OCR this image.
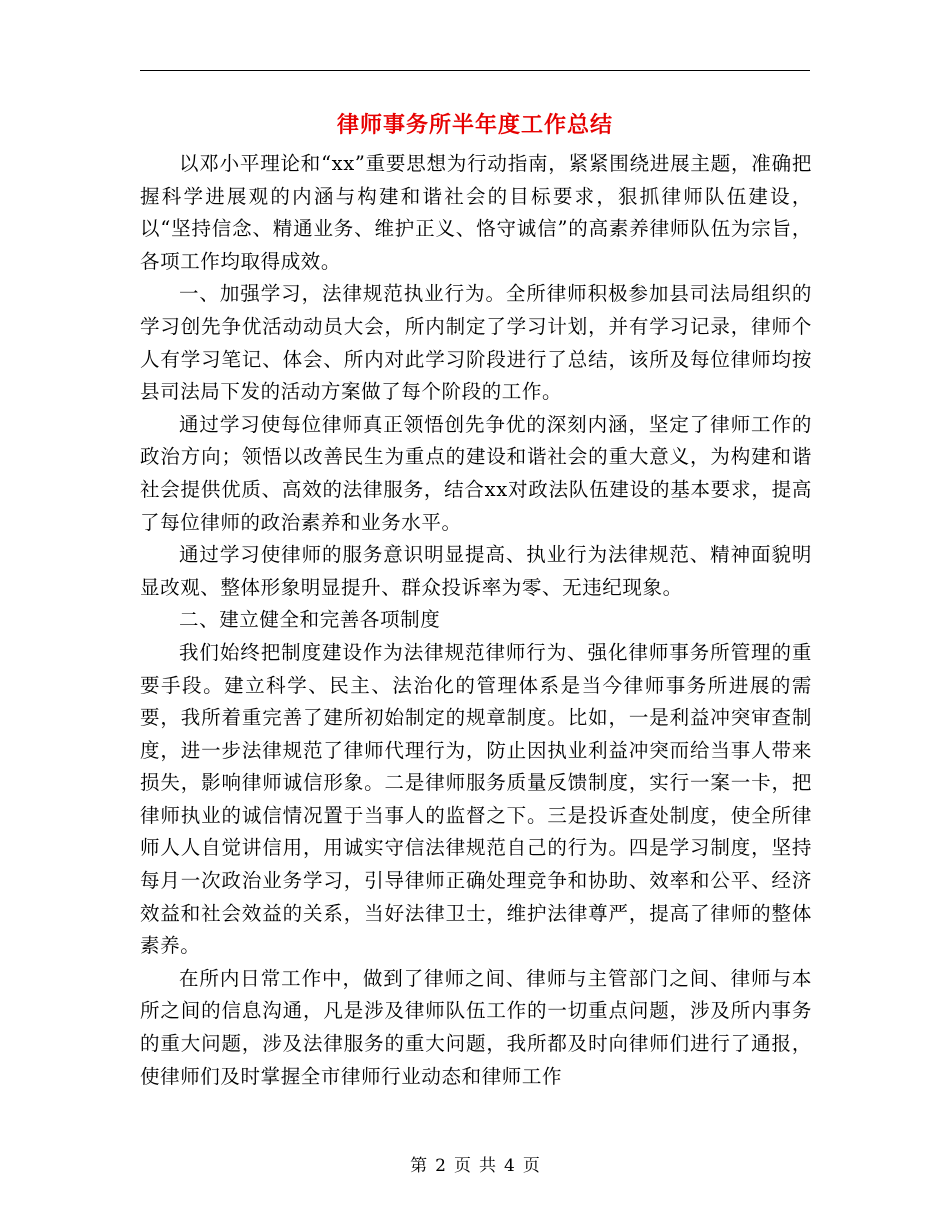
律师事务所半年度工作总结

以邓小平理论和“xx”重要思想为行动指南，紧紧围绕进展主题，准确把握科学进展观的内涵与构建和谐社会的目标要求，狠抓律师队伍建设，以“坚持信念、精通业务、维护正义、恪守诚信”的高素养律师队伍为宗旨，各项工作均取得成效。

一、加强学习，法律规范执业行为。全所律师积极参加县司法局组织的学习创先争优活动动员大会，所内制定了学习计划，并有学习记录，律师个人有学习笔记、体会、所内对此学习阶段进行了总结，该所及每位律师均按县司法局下发的活动方案做了每个阶段的工作。

通过学习使每位律师真正领悟创先争优的深刻内涵，坚定了律师工作的政治方向；领悟以改善民生为重点的建设和谐社会的重大意义，为构建和谐社会提供优质、高效的法律服务，结合xx对政法队伍建设的基本要求，提高了每位律师的政治素养和业务水平。

通过学习使律师的服务意识明显提高、执业行为法律规范、精神面貌明显改观、整体形象明显提升、群众投诉率为零、无违纪现象。

二、建立健全和完善各项制度

我们始终把制度建设作为法律规范律师行为、强化律师事务所管理的重要手段。建立科学、民主、法治化的管理体系是当今律师事务所进展的需要，我所着重完善了建所初始制定的规章制度。比如，一是利益冲突审查制度，进一步法律规范了律师代理行为，防止因执业利益冲突而给当事人带来损失，影响律师诚信形象。二是律师服务质量反馈制度，实行一案一卡，把律师执业的诚信情况置于当事人的监督之下。三是投诉查处制度，使全所律师人人自觉讲信用，用诚实守信法律规范自己的行为。四是学习制度，坚持每月一次政治业务学习，引导律师正确处理竞争和协助、效率和公平、经济效益和社会效益的关系，当好法律卫士，维护法律尊严，提高了律师的整体素养。

在所内日常工作中，做到了律师之间、律师与主管部门之间、律师与本所之间的信息沟通，凡是涉及律师队伍工作的一切重点问题，涉及所内事务的重大问题，涉及法律服务的重大问题，我所都及时向律师们进行了通报，使律师们及时掌握全市律师行业动态和律师工作

第 2 页 共 4 页
